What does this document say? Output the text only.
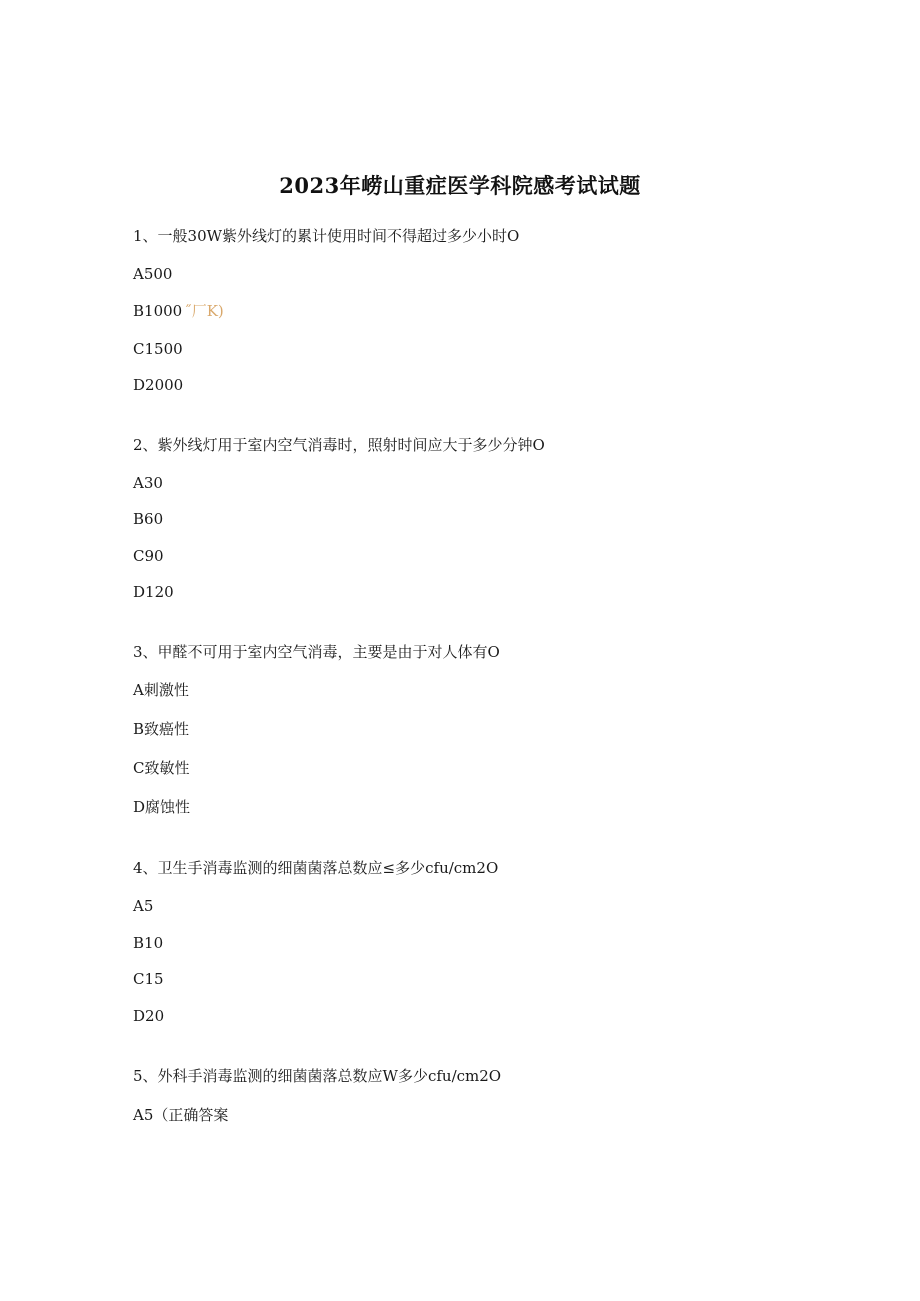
2023年崂山重症医学科院感考试试题
1、一般30W紫外线灯的累计使用时间不得超过多少小时O
A500
B1000 ˝厂K)
C1500
D2000
2、紫外线灯用于室内空气消毒时，照射时间应大于多少分钟O
A30
B60
C90
D120
3、甲醛不可用于室内空气消毒，主要是由于对人体有O
A刺激性
B致癌性
C致敏性
D腐蚀性
4、卫生手消毒监测的细菌菌落总数应≤多少cfu/cm2O
A5
B10
C15
D20
5、外科手消毒监测的细菌菌落总数应W多少cfu/cm2O
A5（正确答案
